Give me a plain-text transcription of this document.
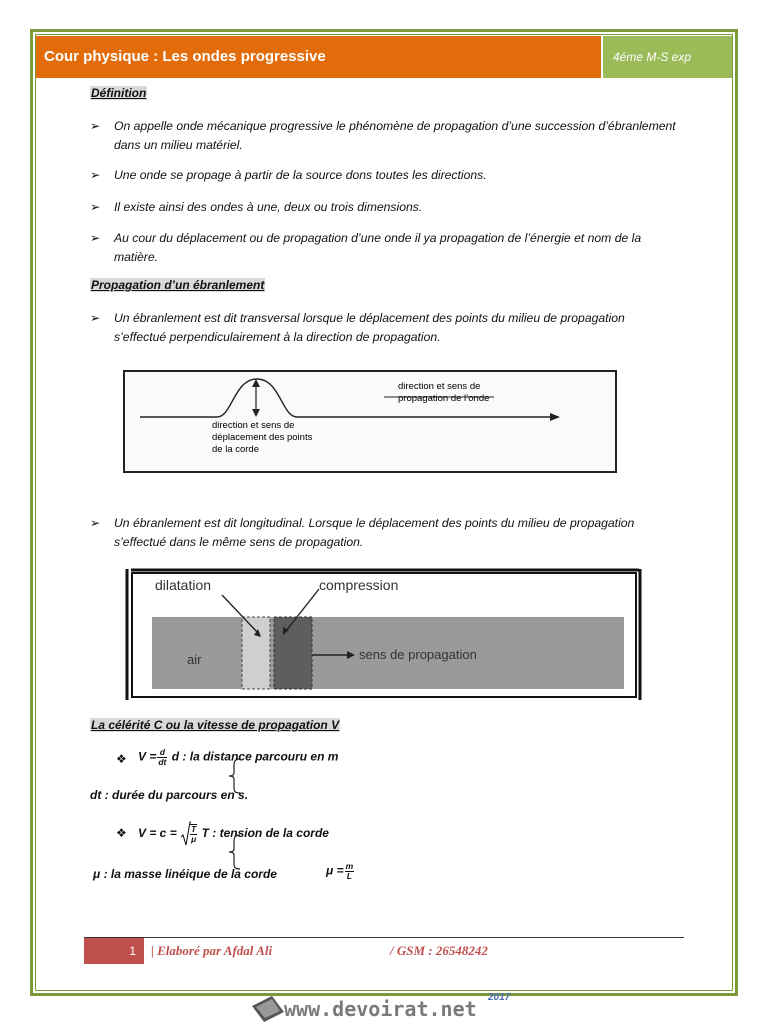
Cour physique : Les ondes progressive	4éme M-S exp
Définition
➢ On appelle onde mécanique progressive le phénomène de propagation d’une succession d’ébranlement dans un milieu matériel.
➢ Une onde se propage à partir de la source dons toutes les directions.
➢ Il existe ainsi des ondes à une, deux ou trois dimensions.
➢ Au cour du déplacement ou de propagation d’une onde il ya propagation de l’énergie et nom de la matière.
Propagation d’un ébranlement
➢ Un ébranlement est dit transversal lorsque le déplacement des points du milieu de propagation s’effectué perpendiculairement à la direction de propagation.
direction et sens de
propagation de l’onde
direction et sens de
déplacement des points
de la corde
➢ Un ébranlement est dit longitudinal. Lorsque le déplacement des points du milieu de propagation s’effectué dans le même sens de propagation.
dilatation	compression
air	sens de propagation
La célérité C ou la vitesse de propagation V
❖ $V = \frac{d}{dt}$ d : la distance parcouru en m
dt : durée du parcours en s.
❖ $V = c = \frac{T}{\mu}$ T : tension de la corde
μ : la masse linéique de la corde	$\mu = \frac{m}{L}$
1	| Elaboré par Afdal Ali	/ GSM : 26548242
www.devoirat.net 2017
